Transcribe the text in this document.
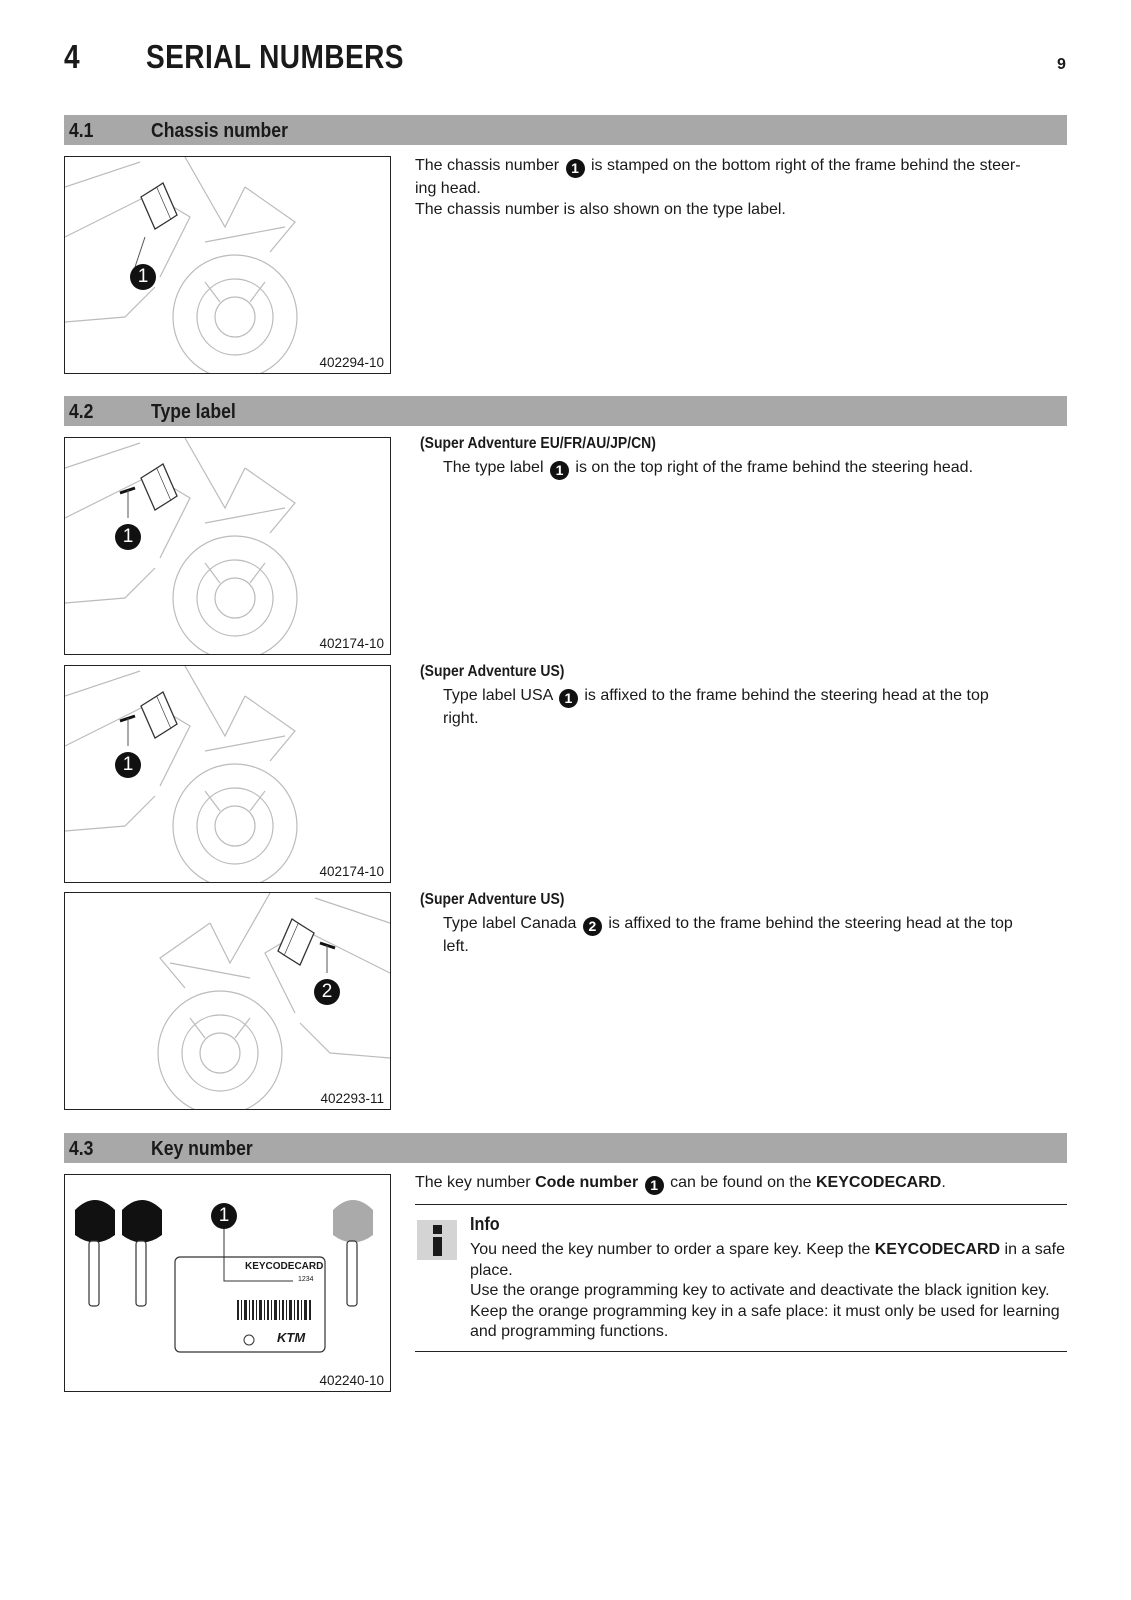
4 SERIAL NUMBERS	9
4.1	Chassis number
1
402294-10

The chassis number 1 is stamped on the bottom right of the frame behind the steer-

ing head.

The chassis number is also shown on the type label.

4.2	Type label
1
402174-10
(Super Adventure EU/FR/AU/JP/CN)
The type label 1 is on the top right of the frame behind the steering head.
1
402174-10
(Super Adventure US)
Type label USA 1 is affixed to the frame behind the steering head at the top
right.
2
402293-11
(Super Adventure US)
Type label Canada 2 is affixed to the frame behind the steering head at the top
left.
4.3	Key number
1
KEYCODECARD
1234
KTM
402240-10

The key number Code number 1 can be found on the KEYCODECARD.

Info

You need the key number to order a spare key. Keep the KEYCODECARD in a safe place.

Use the orange programming key to activate and deactivate the black ignition key. Keep the orange programming key in a safe place: it must only be used for learning and programming functions.
